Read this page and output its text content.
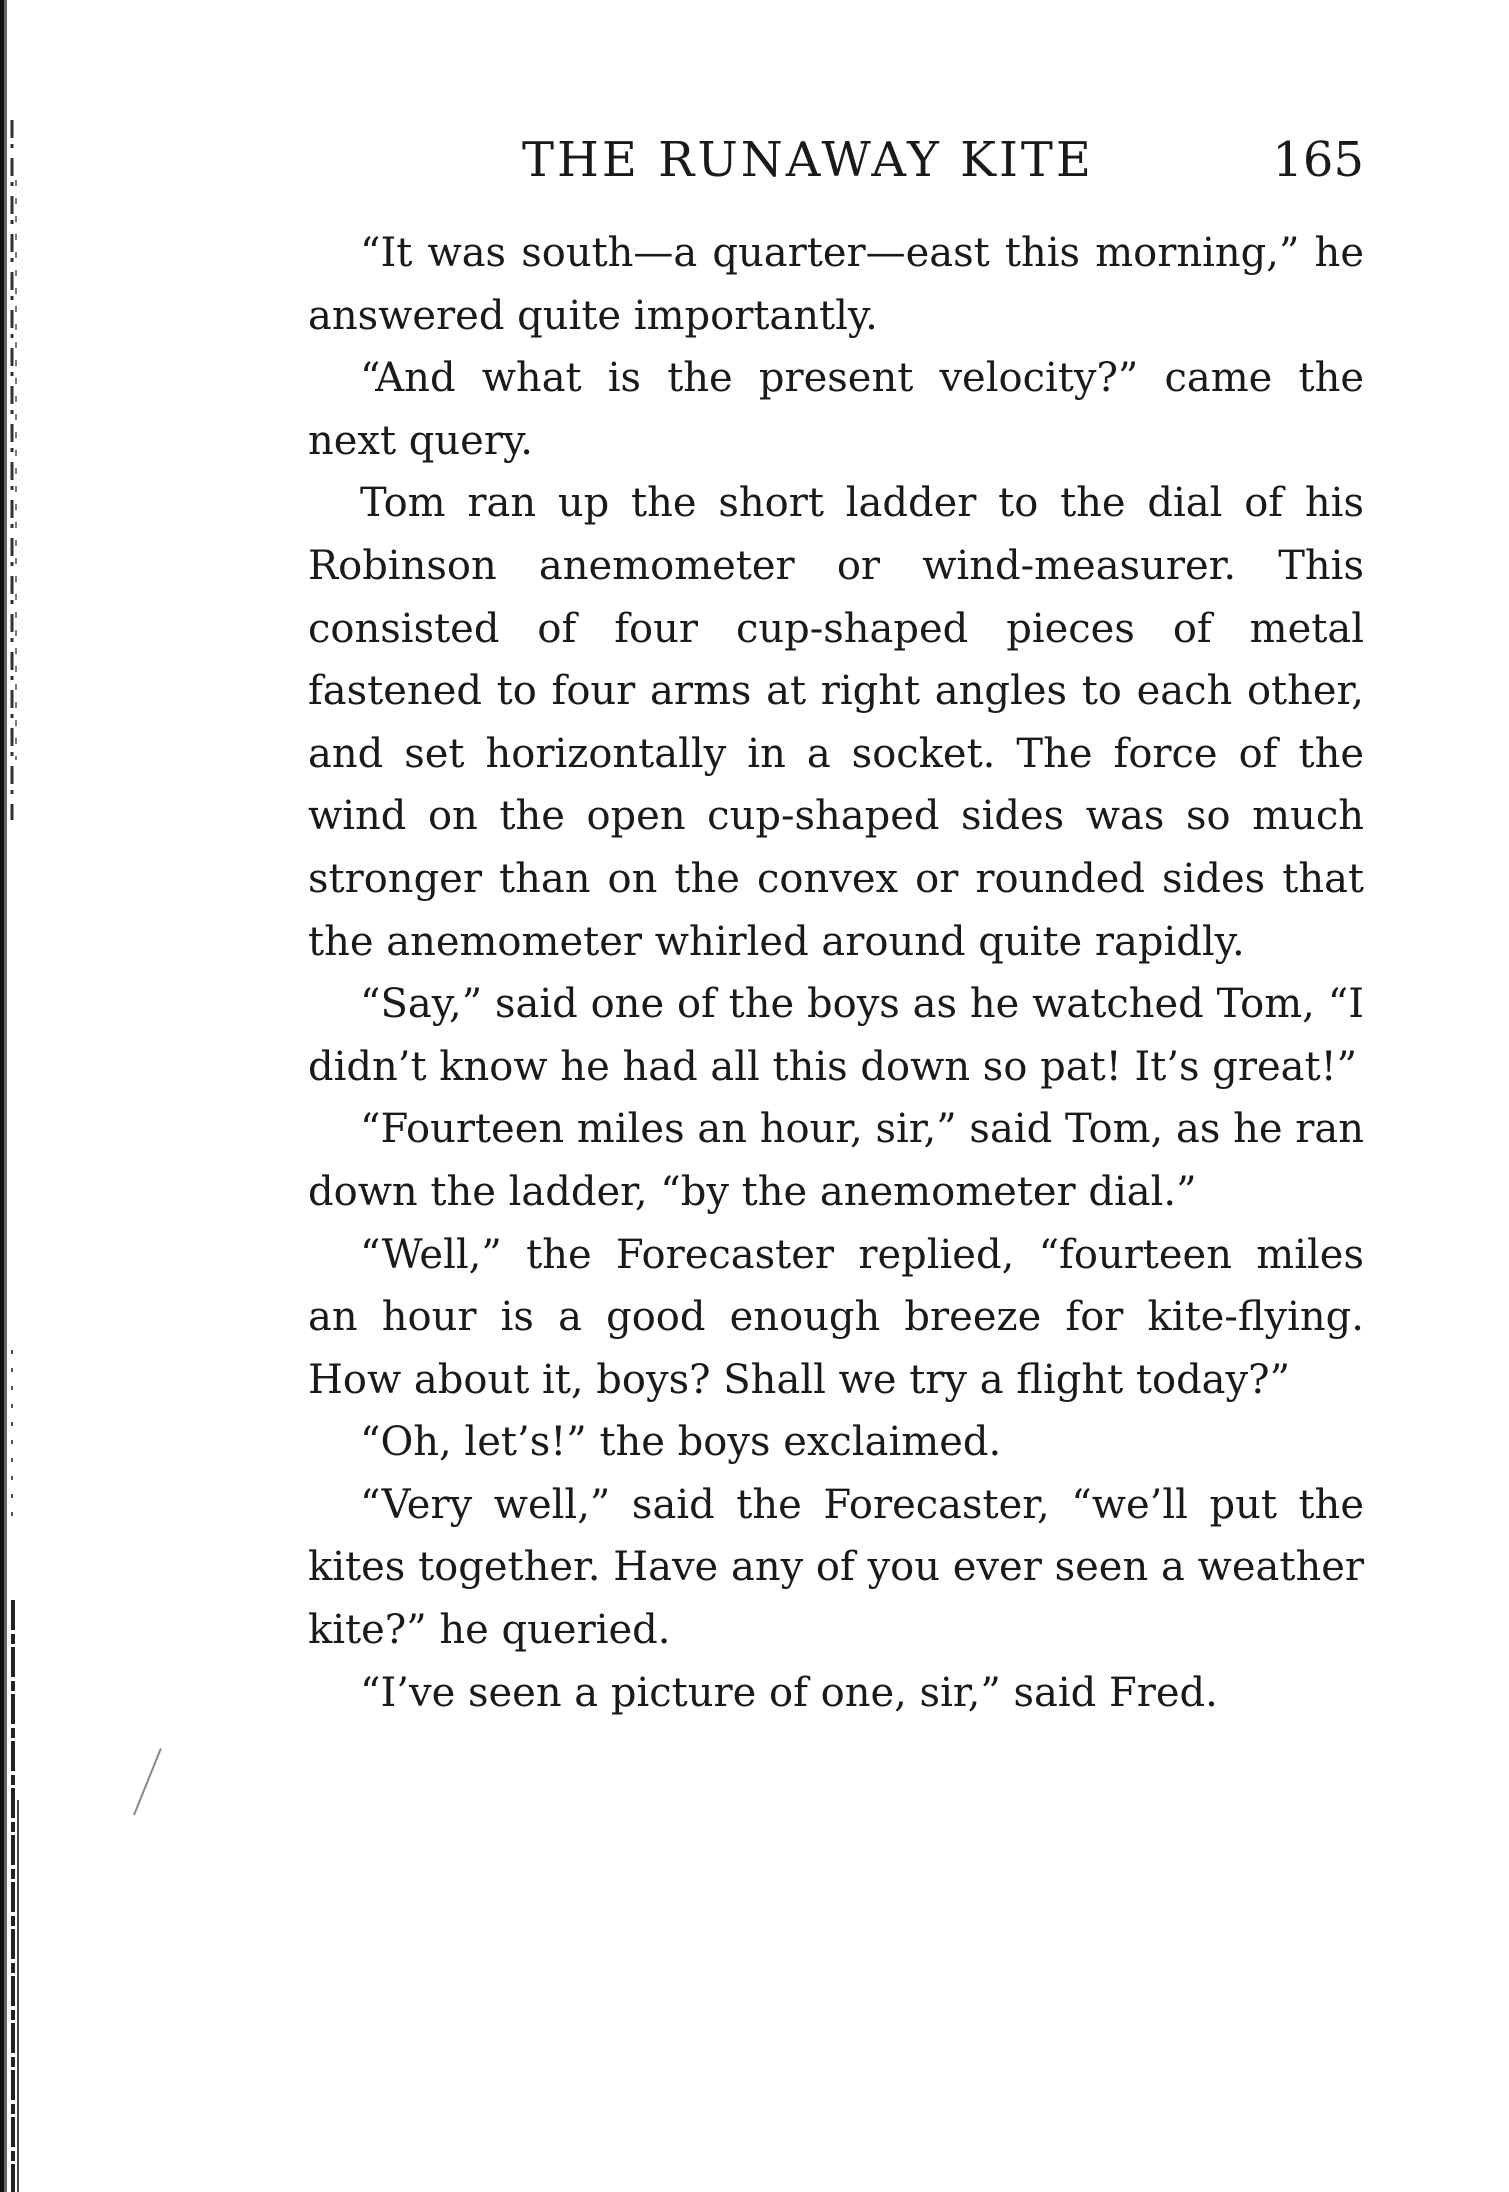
THE RUNAWAY KITE	165

“It was south—a quarter—east this morning,” he answered quite importantly.

“And what is the present velocity?” came the next query.

Tom ran up the short ladder to the dial of his Robinson anemometer or wind-measurer. This consisted of four cup-shaped pieces of metal fastened to four arms at right angles to each other, and set horizontally in a socket. The force of the wind on the open cup-shaped sides was so much stronger than on the convex or rounded sides that the anemometer whirled around quite rapidly.

“Say,” said one of the boys as he watched Tom, “I didn’t know he had all this down so pat! It’s great!”

“Fourteen miles an hour, sir,” said Tom, as he ran down the ladder, “by the anemometer dial.”

“Well,” the Forecaster replied, “fourteen miles an hour is a good enough breeze for kite-flying. How about it, boys? Shall we try a flight today?”

“Oh, let’s!” the boys exclaimed.

“Very well,” said the Forecaster, “we’ll put the kites together. Have any of you ever seen a weather kite?” he queried.

“I’ve seen a picture of one, sir,” said Fred.
